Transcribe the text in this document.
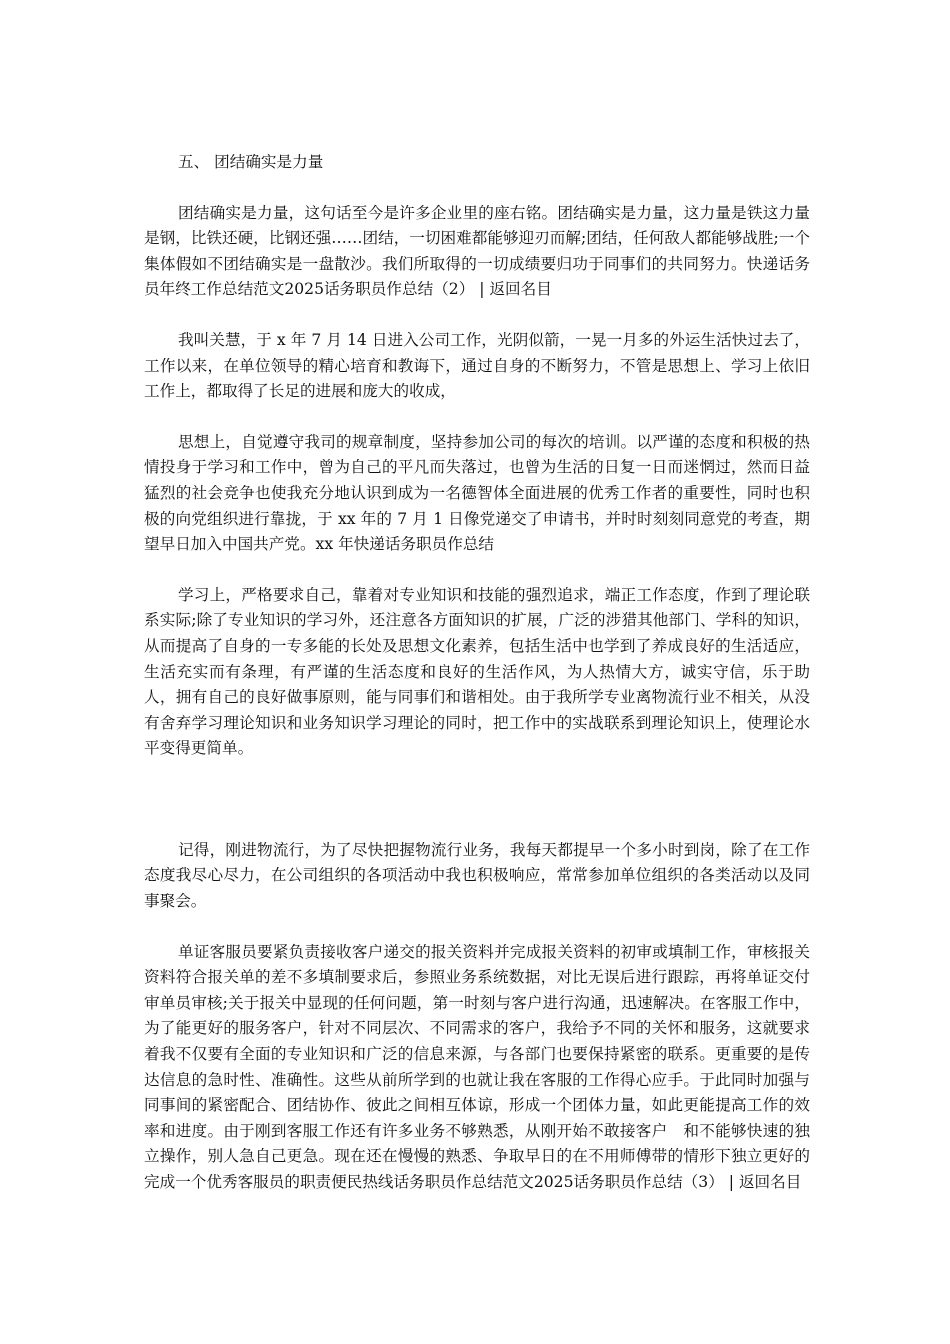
五、 团结确实是力量

团结确实是力量，这句话至今是许多企业里的座右铭。团结确实是力量，这力量是铁这力量是钢，比铁还硬，比钢还强……团结，一切困难都能够迎刃而解;团结，任何敌人都能够战胜;一个集体假如不团结确实是一盘散沙。我们所取得的一切成绩要归功于同事们的共同努力。快递话务员年终工作总结范文2025话务职员作总结（2） | 返回名目

我叫关慧，于 x 年 7 月 14 日进入公司工作，光阴似箭，一晃一月多的外运生活快过去了，工作以来，在单位领导的精心培育和教诲下，通过自身的不断努力，不管是思想上、学习上依旧工作上，都取得了长足的进展和庞大的收成，

思想上，自觉遵守我司的规章制度，坚持参加公司的每次的培训。以严谨的态度和积极的热情投身于学习和工作中，曾为自己的平凡而失落过，也曾为生活的日复一日而迷惘过，然而日益猛烈的社会竞争也使我充分地认识到成为一名德智体全面进展的优秀工作者的重要性，同时也积极的向党组织进行靠拢，于 xx 年的 7 月 1 日像党递交了申请书，并时时刻刻同意党的考查，期望早日加入中国共产党。xx 年快递话务职员作总结

学习上，严格要求自己，靠着对专业知识和技能的强烈追求，端正工作态度，作到了理论联系实际;除了专业知识的学习外，还注意各方面知识的扩展，广泛的涉猎其他部门、学科的知识，从而提高了自身的一专多能的长处及思想文化素养，包括生活中也学到了养成良好的生活适应，生活充实而有条理，有严谨的生活态度和良好的生活作风，为人热情大方，诚实守信，乐于助人，拥有自己的良好做事原则，能与同事们和谐相处。由于我所学专业离物流行业不相关，从没有舍弃学习理论知识和业务知识学习理论的同时，把工作中的实战联系到理论知识上，使理论水平变得更简单。

记得，刚进物流行，为了尽快把握物流行业务，我每天都提早一个多小时到岗，除了在工作态度我尽心尽力，在公司组织的各项活动中我也积极响应，常常参加单位组织的各类活动以及同事聚会。

单证客服员要紧负责接收客户递交的报关资料并完成报关资料的初审或填制工作，审核报关资料符合报关单的差不多填制要求后，参照业务系统数据，对比无误后进行跟踪，再将单证交付审单员审核;关于报关中显现的任何问题，第一时刻与客户进行沟通，迅速解决。在客服工作中，为了能更好的服务客户，针对不同层次、不同需求的客户，我给予不同的关怀和服务，这就要求着我不仅要有全面的专业知识和广泛的信息来源，与各部门也要保持紧密的联系。更重要的是传达信息的急时性、准确性。这些从前所学到的也就让我在客服的工作得心应手。于此同时加强与同事间的紧密配合、团结协作、彼此之间相互体谅，形成一个团体力量，如此更能提高工作的效率和进度。由于刚到客服工作还有许多业务不够熟悉，从刚开始不敢接客户　和不能够快速的独立操作，别人急自己更急。现在还在慢慢的熟悉、争取早日的在不用师傅带的情形下独立更好的完成一个优秀客服员的职责便民热线话务职员作总结范文2025话务职员作总结（3） | 返回名目
